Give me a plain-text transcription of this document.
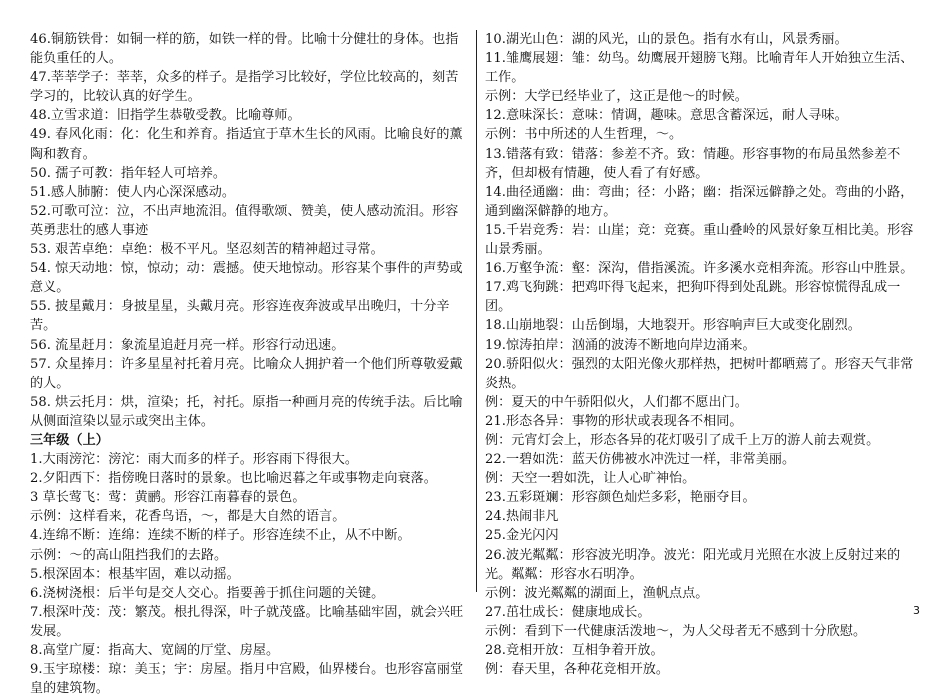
46.铜筋铁骨：如铜一样的筋，如铁一样的骨。比喻十分健壮的身体。也指能负重任的人。

47.莘莘学子：莘莘，众多的样子。是指学习比较好，学位比较高的，刻苦学习的，比较认真的好学生。

48.立雪求道：旧指学生恭敬受教。比喻尊师。

49. 春风化雨：化：化生和养育。指适宜于草木生长的风雨。比喻良好的薰陶和教育。

50. 孺子可教：指年轻人可培养。

51.感人肺腑：使人内心深深感动。

52.可歌可泣：泣，不出声地流泪。值得歌颂、赞美，使人感动流泪。形容英勇悲壮的感人事迹

53. 艰苦卓绝：卓绝：极不平凡。坚忍刻苦的精神超过寻常。

54. 惊天动地：惊，惊动；动：震撼。使天地惊动。形容某个事件的声势或意义。

55. 披星戴月：身披星星，头戴月亮。形容连夜奔波或早出晚归，十分辛苦。

56. 流星赶月：象流星追赶月亮一样。形容行动迅速。

57. 众星捧月：许多星星衬托着月亮。比喻众人拥护着一个他们所尊敬爱戴的人。

58. 烘云托月：烘，渲染；托，衬托。原指一种画月亮的传统手法。后比喻从侧面渲染以显示或突出主体。

三年级（上）

1.大雨滂沱：滂沱：雨大而多的样子。形容雨下得很大。

2.夕阳西下：指傍晚日落时的景象。也比喻迟暮之年或事物走向衰落。

3 草长莺飞：莺：黄鹂。形容江南暮春的景色。

示例：这样看来，花香鸟语，～，都是大自然的语言。

4.连绵不断：连绵：连续不断的样子。形容连续不止，从不中断。

示例：～的高山阻挡我们的去路。

5.根深固本：根基牢固，难以动摇。

6.浇树浇根：后半句是交人交心。指要善于抓住问题的关键。

7.根深叶茂：茂：繁茂。根扎得深，叶子就茂盛。比喻基础牢固，就会兴旺发展。

8.高堂广厦：指高大、宽阔的厅堂、房屋。

9.玉宇琼楼：琼：美玉；宇：房屋。指月中宫殿，仙界楼台。也形容富丽堂皇的建筑物。

10.湖光山色：湖的风光，山的景色。指有水有山，风景秀丽。

11.雏鹰展翅：雏：幼鸟。幼鹰展开翅膀飞翔。比喻青年人开始独立生活、工作。

示例：大学已经毕业了，这正是他～的时候。

12.意味深长：意味：情调，趣味。意思含蓄深远，耐人寻味。

示例：书中所述的人生哲理，～。

13.错落有致：错落：参差不齐。致：情趣。形容事物的布局虽然参差不齐，但却极有情趣，使人看了有好感。

14.曲径通幽：曲：弯曲；径：小路；幽：指深远僻静之处。弯曲的小路，通到幽深僻静的地方。

15.千岩竞秀：岩：山崖；竞：竞赛。重山叠岭的风景好象互相比美。形容山景秀丽。

16.万壑争流：壑：深沟，借指溪流。许多溪水竞相奔流。形容山中胜景。

17.鸡飞狗跳：把鸡吓得飞起来，把狗吓得到处乱跳。形容惊慌得乱成一团。

18.山崩地裂：山岳倒塌，大地裂开。形容响声巨大或变化剧烈。

19.惊涛拍岸：汹涌的波涛不断地向岸边涌来。

20.骄阳似火：强烈的太阳光像火那样热，把树叶都晒蔫了。形容天气非常炎热。

例：夏天的中午骄阳似火，人们都不愿出门。

21.形态各异：事物的形状或表现各不相同。

例：元宵灯会上，形态各异的花灯吸引了成千上万的游人前去观赏。

22.一碧如洗：蓝天仿佛被水冲洗过一样，非常美丽。

例：天空一碧如洗，让人心旷神怡。

23.五彩斑斓：形容颜色灿烂多彩，艳丽夺目。

24.热闹非凡

25.金光闪闪

26.波光粼粼：形容波光明净。波光：阳光或月光照在水波上反射过来的光。粼粼：形容水石明净。

示例：波光粼粼的湖面上，渔帆点点。

27.茁壮成长：健康地成长。

示例：看到下一代健康活泼地～，为人父母者无不感到十分欣慰。

28.竞相开放：互相争着开放。

例：春天里，各种花竞相开放。

3
